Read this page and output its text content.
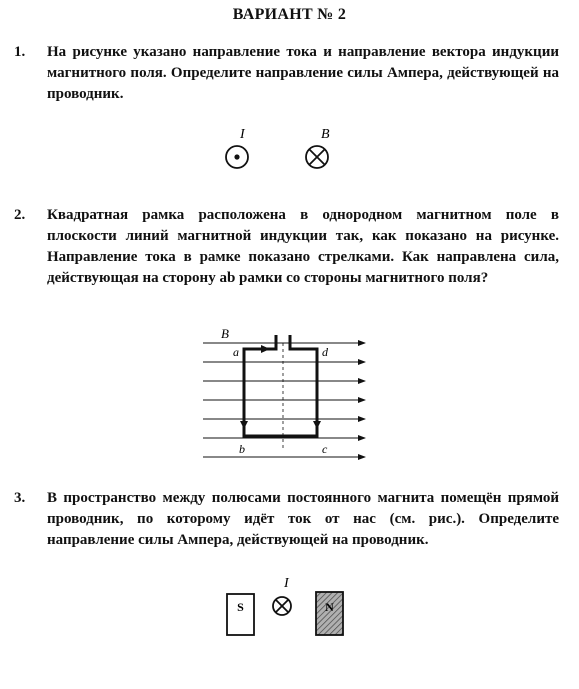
ВАРИАНТ № 2
1. На рисунке указано направление тока и направление вектора индукции магнитного поля. Определите направление силы Ампера, действующей на проводник.
I	B⃗
2. Квадратная рамка расположена в однородном магнитном поле в плоскости линий магнитной индукции так, как показано на рисунке. Направление тока в рамке показано стрелками. Как направлена сила, действующая на сторону ab рамки со стороны магнитного поля?
B⃗
a	d
b	c
3. В пространство между полюсами постоянного магнита помещён прямой проводник, по которому идёт ток от нас (см. рис.). Определите направление силы Ампера, действующей на проводник.
S
I
N
